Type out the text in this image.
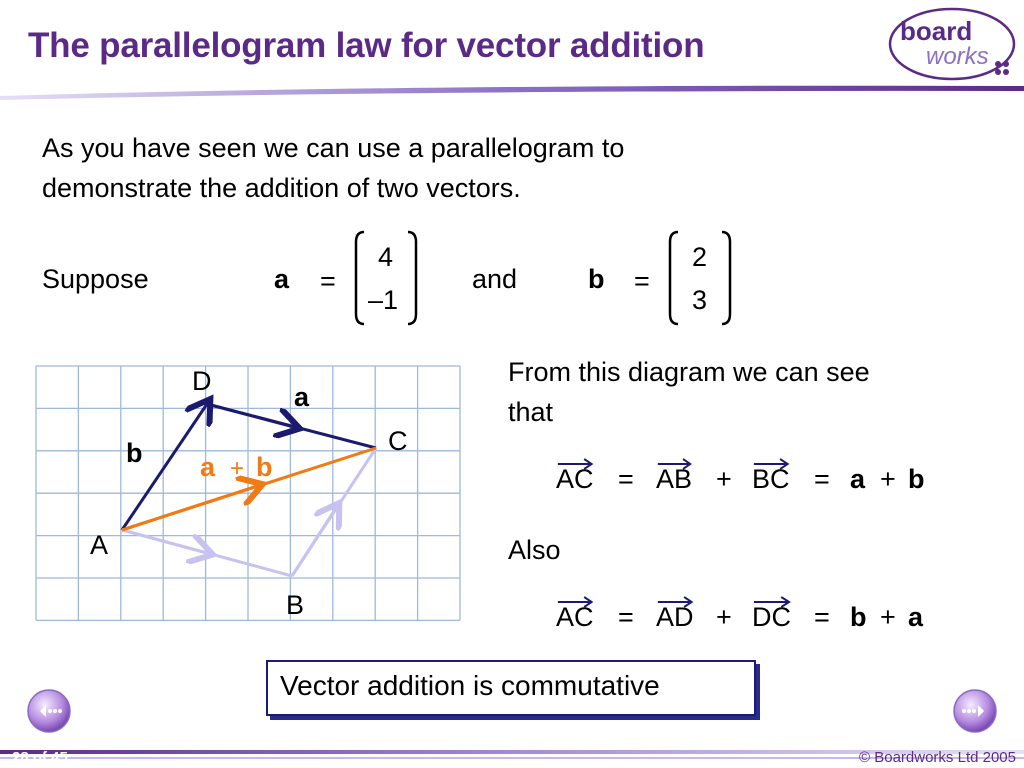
The parallelogram law for vector addition	board
works
As you have seen we can use a parallelogram to
demonstrate the addition of two vectors.
Suppose	a =
4
–1
and	b =
2
3
D
C
A
B
a
b a + b
From this diagram we can see
that
AC = AB + BC = a + b
Also
AC = AD + DC = b + a
Vector addition is commutative
28 of 45	© Boardworks Ltd 2005
